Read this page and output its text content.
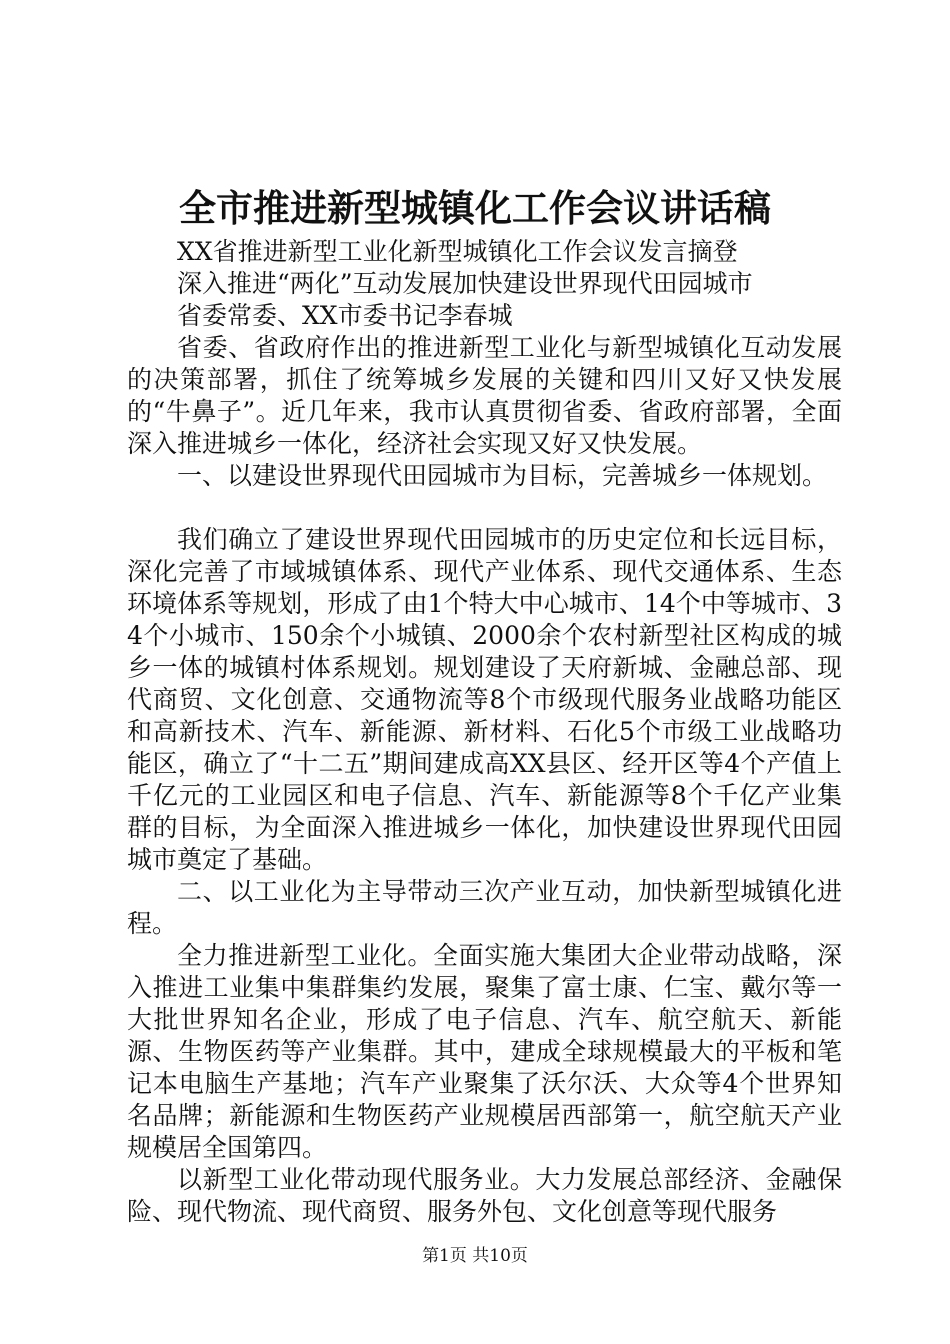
全市推进新型城镇化工作会议讲话稿

XX省推进新型工业化新型城镇化工作会议发言摘登

深入推进“两化”互动发展加快建设世界现代田园城市

省委常委、XX市委书记李春城

省委、省政府作出的推进新型工业化与新型城镇化互动发展的决策部署，抓住了统筹城乡发展的关键和四川又好又快发展的“牛鼻子”。近几年来，我市认真贯彻省委、省政府部署，全面深入推进城乡一体化，经济社会实现又好又快发展。

一、以建设世界现代田园城市为目标，完善城乡一体规划。

我们确立了建设世界现代田园城市的历史定位和长远目标，深化完善了市域城镇体系、现代产业体系、现代交通体系、生态环境体系等规划，形成了由1个特大中心城市、14个中等城市、34个小城市、150余个小城镇、2000余个农村新型社区构成的城乡一体的城镇村体系规划。规划建设了天府新城、金融总部、现代商贸、文化创意、交通物流等8个市级现代服务业战略功能区和高新技术、汽车、新能源、新材料、石化5个市级工业战略功能区，确立了“十二五”期间建成高XX县区、经开区等4个产值上千亿元的工业园区和电子信息、汽车、新能源等8个千亿产业集群的目标，为全面深入推进城乡一体化，加快建设世界现代田园城市奠定了基础。

二、以工业化为主导带动三次产业互动，加快新型城镇化进程。

全力推进新型工业化。全面实施大集团大企业带动战略，深入推进工业集中集群集约发展，聚集了富士康、仁宝、戴尔等一大批世界知名企业，形成了电子信息、汽车、航空航天、新能源、生物医药等产业集群。其中，建成全球规模最大的平板和笔记本电脑生产基地；汽车产业聚集了沃尔沃、大众等4个世界知名品牌；新能源和生物医药产业规模居西部第一，航空航天产业规模居全国第四。

以新型工业化带动现代服务业。大力发展总部经济、金融保险、现代物流、现代商贸、服务外包、文化创意等现代服务

第1页 共10页
